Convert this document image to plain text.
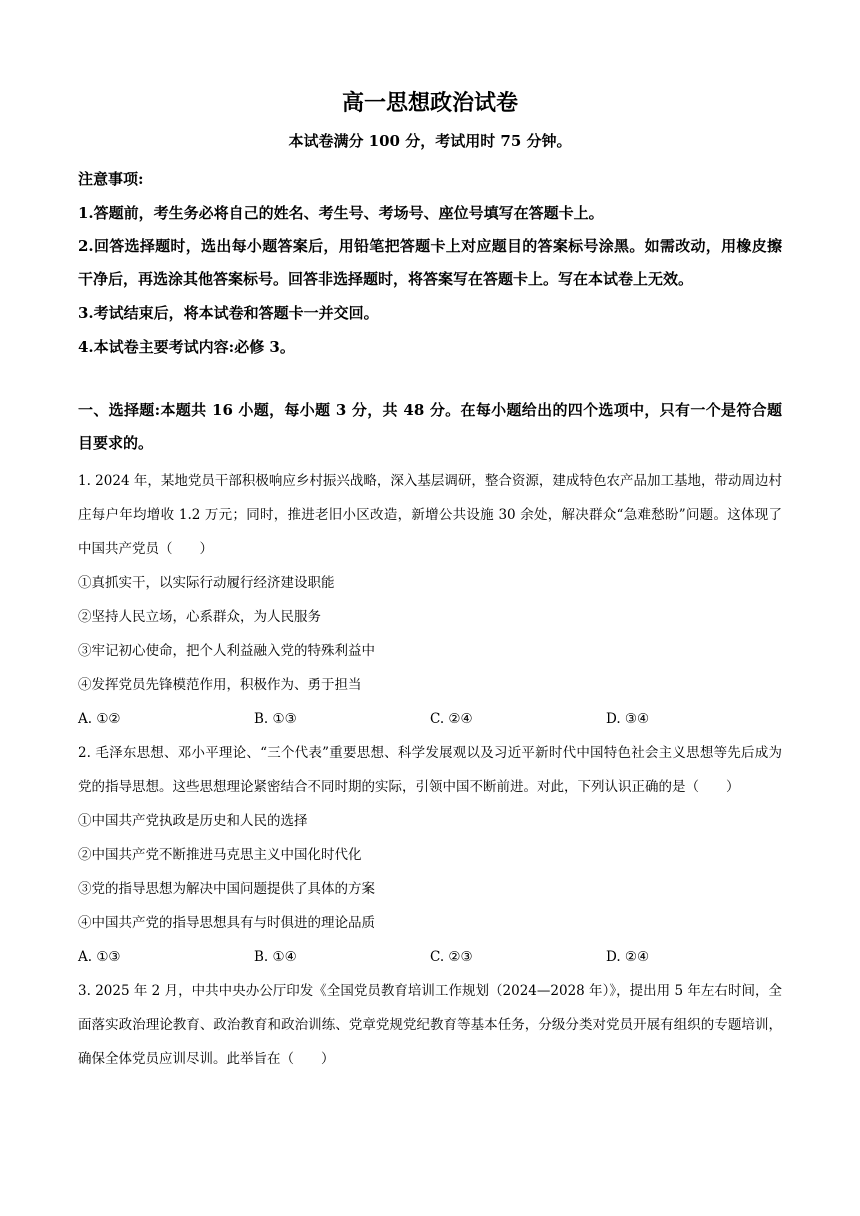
高一思想政治试卷
本试卷满分 100 分，考试用时 75 分钟。
注意事项:
1.答题前，考生务必将自己的姓名、考生号、考场号、座位号填写在答题卡上。
2.回答选择题时，选出每小题答案后，用铅笔把答题卡上对应题目的答案标号涂黑。如需改动，用橡皮擦干净后，再选涂其他答案标号。回答非选择题时，将答案写在答题卡上。写在本试卷上无效。
3.考试结束后，将本试卷和答题卡一并交回。
4.本试卷主要考试内容:必修 3。
一、选择题:本题共 16 小题，每小题 3 分，共 48 分。在每小题给出的四个选项中，只有一个是符合题目要求的。
1. 2024 年，某地党员干部积极响应乡村振兴战略，深入基层调研，整合资源，建成特色农产品加工基地，带动周边村庄每户年均增收 1.2 万元；同时，推进老旧小区改造，新增公共设施 30 余处，解决群众“急难愁盼”问题。这体现了中国共产党员（　　）
①真抓实干，以实际行动履行经济建设职能
②坚持人民立场，心系群众，为人民服务
③牢记初心使命，把个人利益融入党的特殊利益中
④发挥党员先锋模范作用，积极作为、勇于担当
A. ①②	B. ①③	C. ②④	D. ③④
2. 毛泽东思想、邓小平理论、“三个代表”重要思想、科学发展观以及习近平新时代中国特色社会主义思想等先后成为党的指导思想。这些思想理论紧密结合不同时期的实际，引领中国不断前进。对此，下列认识正确的是（　　）
①中国共产党执政是历史和人民的选择
②中国共产党不断推进马克思主义中国化时代化
③党的指导思想为解决中国问题提供了具体的方案
④中国共产党的指导思想具有与时俱进的理论品质
A. ①③	B. ①④	C. ②③	D. ②④
3. 2025 年 2 月，中共中央办公厅印发《全国党员教育培训工作规划（2024—2028 年）》，提出用 5 年左右时间，全面落实政治理论教育、政治教育和政治训练、党章党规党纪教育等基本任务，分级分类对党员开展有组织的专题培训，确保全体党员应训尽训。此举旨在（　　）
